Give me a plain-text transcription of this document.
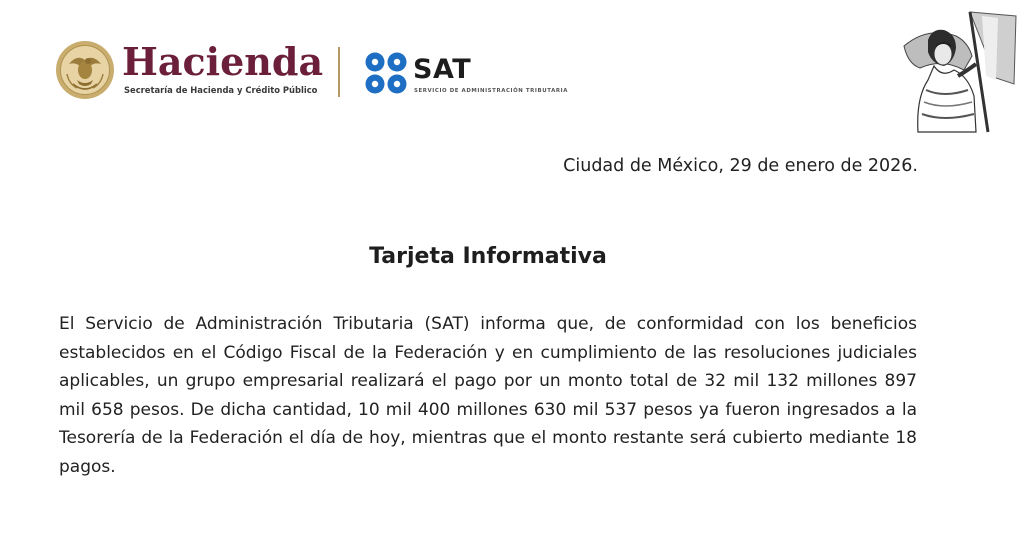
Hacienda
Secretaría de Hacienda y Crédito Público
SAT
SERVICIO DE ADMINISTRACIÓN TRIBUTARIA
Ciudad de México, 29 de enero de 2026.
Tarjeta Informativa

El Servicio de Administración Tributaria (SAT) informa que, de conformidad con los beneficios establecidos en el Código Fiscal de la Federación y en cumplimiento de las resoluciones judiciales aplicables, un grupo empresarial realizará el pago por un monto total de 32 mil 132 millones 897 mil 658 pesos. De dicha cantidad, 10 mil 400 millones 630 mil 537 pesos ya fueron ingresados a la Tesorería de la Federación el día de hoy, mientras que el monto restante será cubierto mediante 18 pagos.
